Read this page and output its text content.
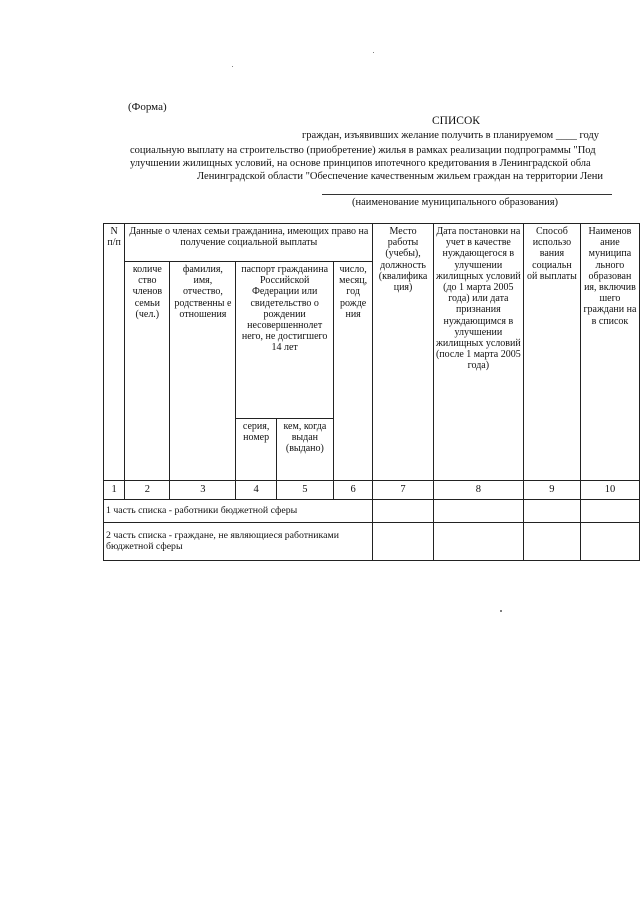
(Форма)
СПИСОК
граждан, изъявивших желание получить в планируемом ____ году
социальную выплату на строительство (приобретение) жилья в рамках реализации подпрограммы "Под
улучшении жилищных условий, на основе принципов ипотечного кредитования в Ленинградской обла
Ленинградской области "Обеспечение качественным жильем граждан на территории Лени
(наименование муниципального образования)
N п/п	Данные о членах семьи гражданина, имеющих право на получение социальной выплаты					Место работы (учебы), должность (квалифика ция)	Дата постановки на учет в качестве нуждающегося в улучшении жилищных условий (до 1 марта 2005 года) или дата признания нуждающимся в улучшении жилищных условий (после 1 марта 2005 года)	Способ использо вания социальн ой выплаты	Наименов ание муниципа льного образован ия, включив шего граждани на в список
	количе ство членов семьи (чел.)	фамилия, имя, отчество, родственны е отношения	паспорт гражданина Российской Федерации или свидетельство о рождении несовершеннолет него, не достигшего 14 лет		число, месяц, год рожде ния				
			серия, номер	кем, когда выдан (выдано)					
1	2	3	4	5	6	7	8	9	10
1 часть списка - работники бюджетной сферы									
2 часть списка - граждане, не являющиеся работниками бюджетной сферы									
